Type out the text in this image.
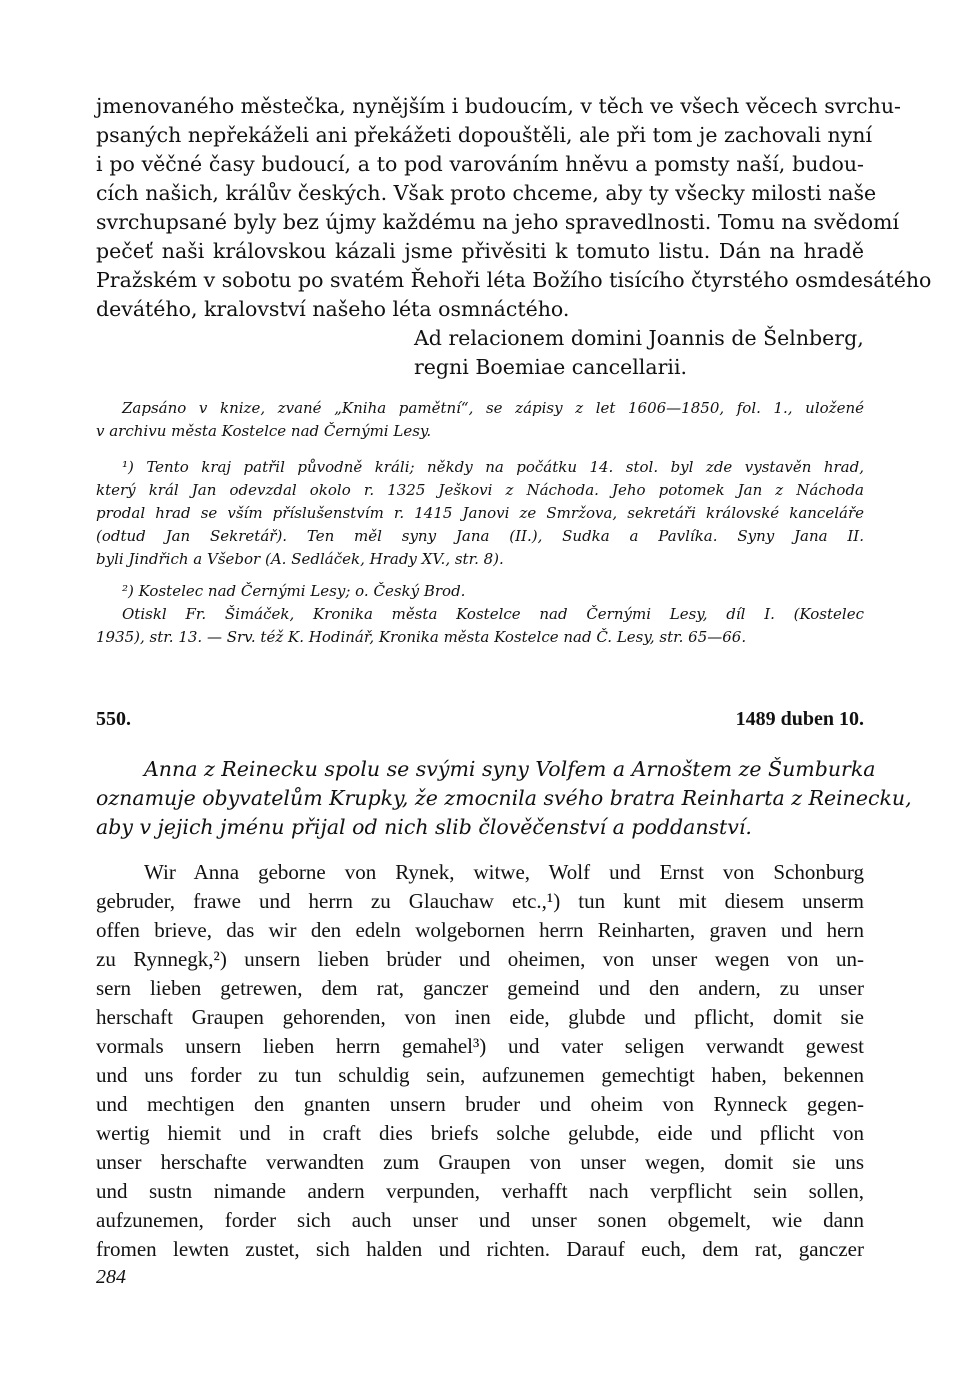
jmenovaného městečka, nynějším i budoucím, v těch ve všech věcech svrchu-
psaných nepřekáželi ani překážeti dopouštěli, ale při tom je zachovali nyní
i po věčné časy budoucí, a to pod varováním hněvu a pomsty naší, budou-
cích našich, králův českých. Však proto chceme, aby ty všecky milosti naše
svrchupsané byly bez újmy každému na jeho spravedlnosti. Tomu na svědomí
pečeť naši královskou kázali jsme přivěsiti k tomuto listu. Dán na hradě
Pražském v sobotu po svatém Řehoři léta Božího tisícího čtyrstého osmdesátého
devátého, kralovství našeho léta osmnáctého.
Ad relacionem domini Joannis de Šelnberg,
regni Boemiae cancellarii.
Zapsáno v knize, zvané „Kniha pamětní“, se zápisy z let 1606—1850, fol. 1., uložené
v archivu města Kostelce nad Černými Lesy.
¹) Tento kraj patřil původně králi; někdy na počátku 14. stol. byl zde vystavěn hrad,
který král Jan odevzdal okolo r. 1325 Ješkovi z Náchoda. Jeho potomek Jan z Náchoda
prodal hrad se vším příslušenstvím r. 1415 Janovi ze Smržova, sekretáři královské kanceláře
(odtud Jan Sekretář). Ten měl syny Jana (II.), Sudka a Pavlíka. Syny Jana II.
byli Jindřich a Všebor (A. Sedláček, Hrady XV., str. 8).
²) Kostelec nad Černými Lesy; o. Český Brod.
Otiskl Fr. Šimáček, Kronika města Kostelce nad Černými Lesy, díl I. (Kostelec
1935), str. 13. — Srv. též K. Hodinář, Kronika města Kostelce nad Č. Lesy, str. 65—66.
550.	1489 duben 10.
Anna z Reinecku spolu se svými syny Volfem a Arnoštem ze Šumburka
oznamuje obyvatelům Krupky, že zmocnila svého bratra Reinharta z Reinecku,
aby v jejich jménu přijal od nich slib člověčenství a poddanství.
Wir Anna geborne von Rynek, witwe, Wolf und Ernst von Schonburg
gebruder, frawe und herrn zu Glauchaw etc.,¹) tun kunt mit diesem unserm
offen brieve, das wir den edeln wolgebornen herrn Reinharten, graven und hern
zu Rynnegk,²) unsern lieben bru̇der und oheimen, von unser wegen von un-
sern lieben getrewen, dem rat, ganczer gemeind und den andern, zu unser
herschaft Graupen gehorenden, von inen eide, glubde und pflicht, domit sie
vormals unsern lieben herrn gemahel³) und vater seligen verwandt gewest
und uns forder zu tun schuldig sein, aufzunemen gemechtigt haben, bekennen
und mechtigen den gnanten unsern bruder und oheim von Rynneck gegen-
wertig hiemit und in craft dies briefs solche gelubde, eide und pflicht von
unser herschafte verwandten zum Graupen von unser wegen, domit sie uns
und sustn nimande andern verpunden, verhafft nach verpflicht sein sollen,
aufzunemen, forder sich auch unser und unser sonen obgemelt, wie dann
fromen lewten zustet, sich halden und richten. Darauf euch, dem rat, ganczer
284
